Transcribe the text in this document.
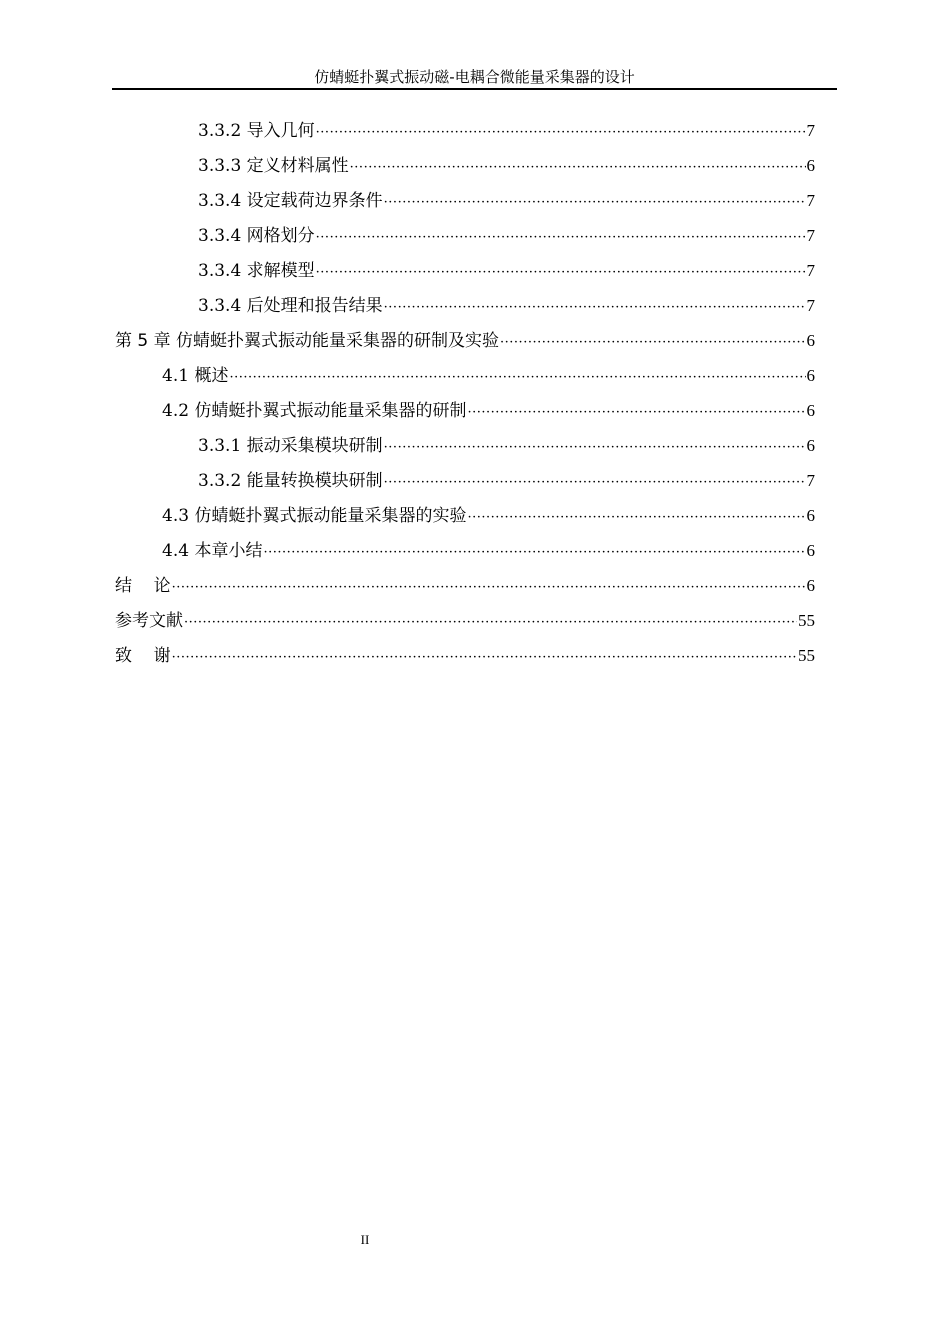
仿蜻蜓扑翼式振动磁-电耦合微能量采集器的设计
3.3.2 导入几何 ·····	7
3.3.3 定义材料属性 ·····	6
3.3.4 设定载荷边界条件 ·····	7
3.3.4 网格划分 ·····	7
3.3.4 求解模型 ·····	7
3.3.4 后处理和报告结果 ·····	7
第 5 章 仿蜻蜓扑翼式振动能量采集器的研制及实验 ·····	6
4.1 概述 ·····	6
4.2 仿蜻蜓扑翼式振动能量采集器的研制 ·····	6
3.3.1 振动采集模块研制 ·····	6
3.3.2 能量转换模块研制 ·····	7
4.3 仿蜻蜓扑翼式振动能量采集器的实验 ·····	6
4.4 本章小结 ·····	6
结    论 ·····	6
参考文献 ·····	55
致    谢 ·····	55
II
